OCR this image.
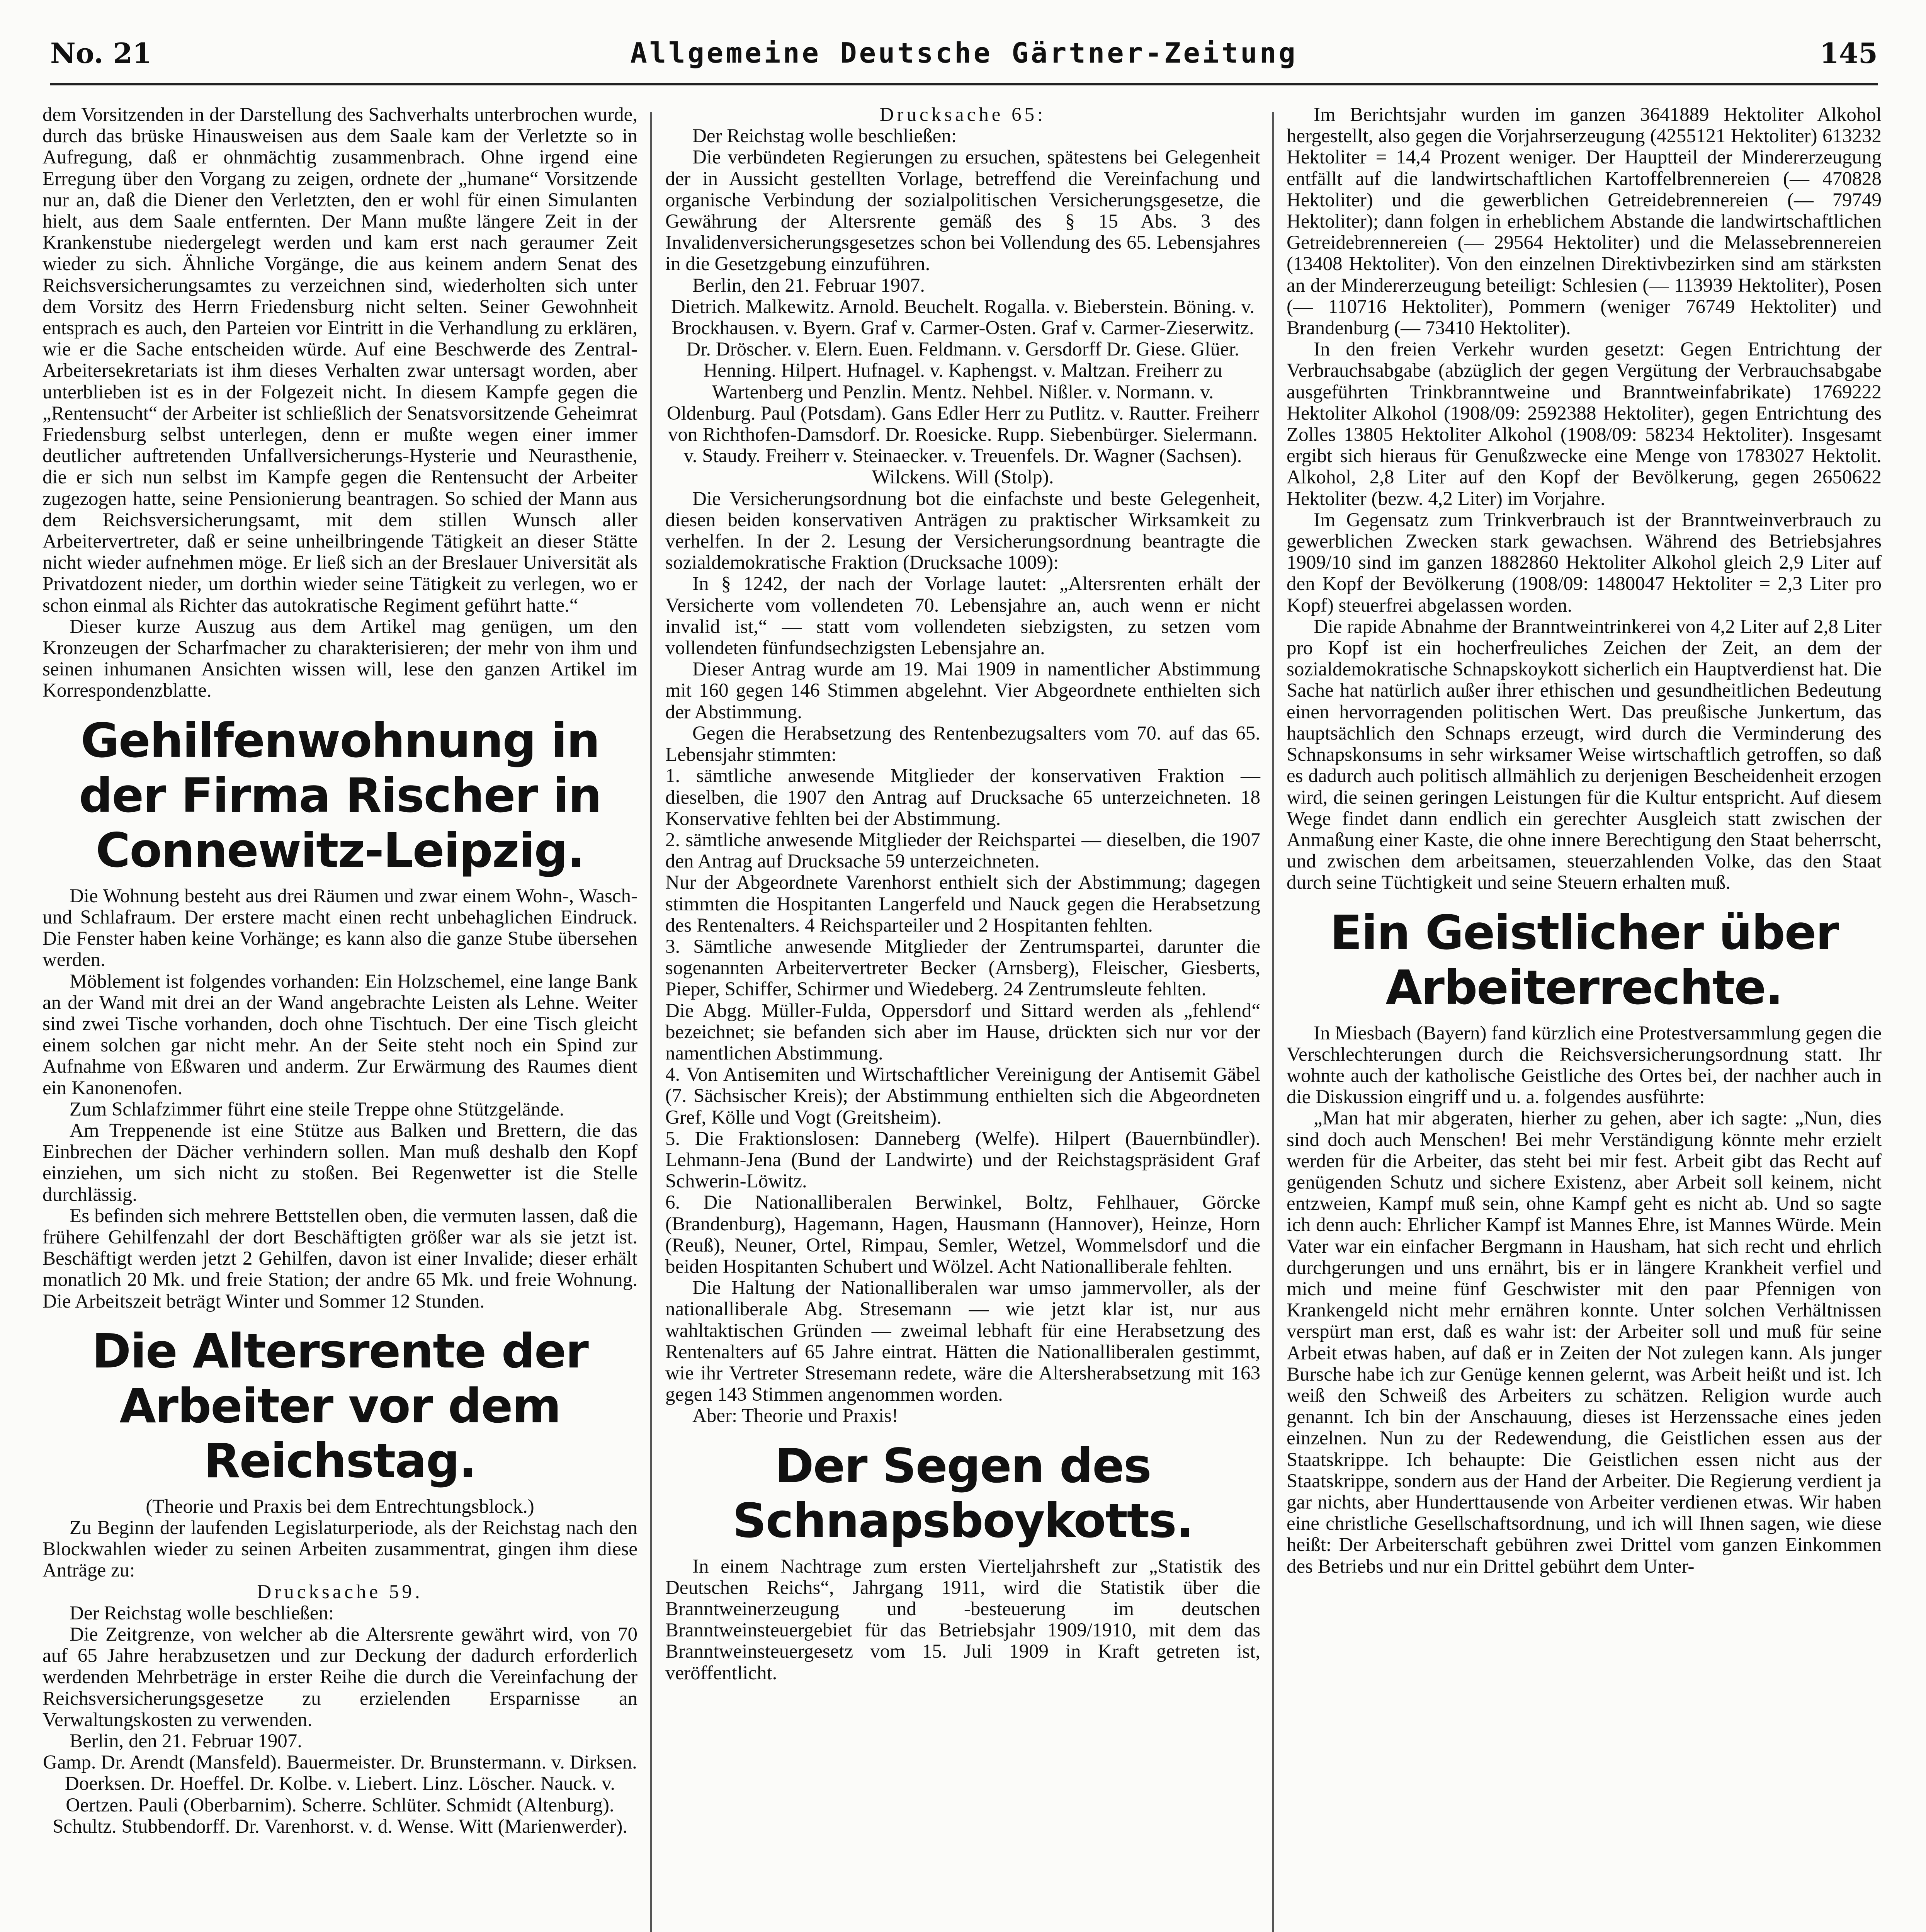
No. 21	Allgemeine Deutsche Gärtner-Zeitung	145

dem Vorsitzenden in der Darstellung des Sachverhalts unterbrochen wurde, durch das brüske Hinausweisen aus dem Saale kam der Verletzte so in Aufregung, daß er ohnmächtig zusammenbrach. Ohne irgend eine Erregung über den Vorgang zu zeigen, ordnete der „humane“ Vorsitzende nur an, daß die Diener den Verletzten, den er wohl für einen Simulanten hielt, aus dem Saale entfernten. Der Mann mußte längere Zeit in der Krankenstube niedergelegt werden und kam erst nach geraumer Zeit wieder zu sich. Ähnliche Vorgänge, die aus keinem andern Senat des Reichsversicherungsamtes zu verzeichnen sind, wiederholten sich unter dem Vorsitz des Herrn Friedensburg nicht selten. Seiner Gewohnheit entsprach es auch, den Parteien vor Eintritt in die Verhandlung zu erklären, wie er die Sache entscheiden würde. Auf eine Beschwerde des Zentral-Arbeitersekretariats ist ihm dieses Verhalten zwar untersagt worden, aber unterblieben ist es in der Folgezeit nicht. In diesem Kampfe gegen die „Rentensucht“ der Arbeiter ist schließlich der Senatsvorsitzende Geheimrat Friedensburg selbst unterlegen, denn er mußte wegen einer immer deutlicher auftretenden Unfallversicherungs-Hysterie und Neurasthenie, die er sich nun selbst im Kampfe gegen die Rentensucht der Arbeiter zugezogen hatte, seine Pensionierung beantragen. So schied der Mann aus dem Reichsversicherungsamt, mit dem stillen Wunsch aller Arbeitervertreter, daß er seine unheilbringende Tätigkeit an dieser Stätte nicht wieder aufnehmen möge. Er ließ sich an der Breslauer Universität als Privatdozent nieder, um dorthin wieder seine Tätigkeit zu verlegen, wo er schon einmal als Richter das autokratische Regiment geführt hatte.“

Dieser kurze Auszug aus dem Artikel mag genügen, um den Kronzeugen der Scharfmacher zu charakterisieren; der mehr von ihm und seinen inhumanen Ansichten wissen will, lese den ganzen Artikel im Korrespondenzblatte.

Gehilfenwohnung in der Firma Rischer in Connewitz-Leipzig.

Die Wohnung besteht aus drei Räumen und zwar einem Wohn-, Wasch- und Schlafraum. Der erstere macht einen recht unbehaglichen Eindruck. Die Fenster haben keine Vorhänge; es kann also die ganze Stube übersehen werden.

Möblement ist folgendes vorhanden: Ein Holzschemel, eine lange Bank an der Wand mit drei an der Wand angebrachte Leisten als Lehne. Weiter sind zwei Tische vorhanden, doch ohne Tischtuch. Der eine Tisch gleicht einem solchen gar nicht mehr. An der Seite steht noch ein Spind zur Aufnahme von Eßwaren und anderm. Zur Erwärmung des Raumes dient ein Kanonenofen.

Zum Schlafzimmer führt eine steile Treppe ohne Stützgelände.

Am Treppenende ist eine Stütze aus Balken und Brettern, die das Einbrechen der Dächer verhindern sollen. Man muß deshalb den Kopf einziehen, um sich nicht zu stoßen. Bei Regenwetter ist die Stelle durchlässig.

Es befinden sich mehrere Bettstellen oben, die vermuten lassen, daß die frühere Gehilfenzahl der dort Beschäftigten größer war als sie jetzt ist. Beschäftigt werden jetzt 2 Gehilfen, davon ist einer Invalide; dieser erhält monatlich 20 Mk. und freie Station; der andre 65 Mk. und freie Wohnung. Die Arbeitszeit beträgt Winter und Sommer 12 Stunden.

Die Altersrente der Arbeiter vor dem Reichstag.

(Theorie und Praxis bei dem Entrechtungsblock.)

Zu Beginn der laufenden Legislaturperiode, als der Reichstag nach den Blockwahlen wieder zu seinen Arbeiten zusammentrat, gingen ihm diese Anträge zu:

Drucksache 59.

Der Reichstag wolle beschließen:

Die Zeitgrenze, von welcher ab die Altersrente gewährt wird, von 70 auf 65 Jahre herabzusetzen und zur Deckung der dadurch erforderlich werdenden Mehrbeträge in erster Reihe die durch die Vereinfachung der Reichsversicherungsgesetze zu erzielenden Ersparnisse an Verwaltungskosten zu verwenden.

Berlin, den 21. Februar 1907.

Gamp. Dr. Arendt (Mansfeld). Bauermeister. Dr. Brunstermann. v. Dirksen. Doerksen. Dr. Hoeffel. Dr. Kolbe. v. Liebert. Linz. Löscher. Nauck. v. Oertzen. Pauli (Oberbarnim). Scherre. Schlüter. Schmidt (Altenburg). Schultz. Stubbendorff. Dr. Varenhorst. v. d. Wense. Witt (Marienwerder).

Drucksache 65:

Der Reichstag wolle beschließen:

Die verbündeten Regierungen zu ersuchen, spätestens bei Gelegenheit der in Aussicht gestellten Vorlage, betreffend die Vereinfachung und organische Verbindung der sozialpolitischen Versicherungsgesetze, die Gewährung der Altersrente gemäß des § 15 Abs. 3 des Invalidenversicherungsgesetzes schon bei Vollendung des 65. Lebensjahres in die Gesetzgebung einzuführen.

Berlin, den 21. Februar 1907.

Dietrich. Malkewitz. Arnold. Beuchelt. Rogalla. v. Bieberstein. Böning. v. Brockhausen. v. Byern. Graf v. Carmer-Osten. Graf v. Carmer-Zieserwitz. Dr. Dröscher. v. Elern. Euen. Feldmann. v. Gersdorff Dr. Giese. Glüer. Henning. Hilpert. Hufnagel. v. Kaphengst. v. Maltzan. Freiherr zu Wartenberg und Penzlin. Mentz. Nehbel. Nißler. v. Normann. v. Oldenburg. Paul (Potsdam). Gans Edler Herr zu Putlitz. v. Rautter. Freiherr von Richthofen-Damsdorf. Dr. Roesicke. Rupp. Siebenbürger. Sielermann. v. Staudy. Freiherr v. Steinaecker. v. Treuenfels. Dr. Wagner (Sachsen). Wilckens. Will (Stolp).

Die Versicherungsordnung bot die einfachste und beste Gelegenheit, diesen beiden konservativen Anträgen zu praktischer Wirksamkeit zu verhelfen. In der 2. Lesung der Versicherungsordnung beantragte die sozialdemokratische Fraktion (Drucksache 1009):

In § 1242, der nach der Vorlage lautet: „Altersrenten erhält der Versicherte vom vollendeten 70. Lebensjahre an, auch wenn er nicht invalid ist,“ — statt vom vollendeten siebzigsten, zu setzen vom vollendeten fünfundsechzigsten Lebensjahre an.

Dieser Antrag wurde am 19. Mai 1909 in namentlicher Abstimmung mit 160 gegen 146 Stimmen abgelehnt. Vier Abgeordnete enthielten sich der Abstimmung.

Gegen die Herabsetzung des Rentenbezugsalters vom 70. auf das 65. Lebensjahr stimmten:

1. sämtliche anwesende Mitglieder der konservativen Fraktion — dieselben, die 1907 den Antrag auf Drucksache 65 unterzeichneten. 18 Konservative fehlten bei der Abstimmung.

2. sämtliche anwesende Mitglieder der Reichspartei — dieselben, die 1907 den Antrag auf Drucksache 59 unterzeichneten.

Nur der Abgeordnete Varenhorst enthielt sich der Abstimmung; dagegen stimmten die Hospitanten Langerfeld und Nauck gegen die Herabsetzung des Rentenalters. 4 Reichsparteiler und 2 Hospitanten fehlten.

3. Sämtliche anwesende Mitglieder der Zentrumspartei, darunter die sogenannten Arbeitervertreter Becker (Arnsberg), Fleischer, Giesberts, Pieper, Schiffer, Schirmer und Wiedeberg. 24 Zentrumsleute fehlten.

Die Abgg. Müller-Fulda, Oppersdorf und Sittard werden als „fehlend“ bezeichnet; sie befanden sich aber im Hause, drückten sich nur vor der namentlichen Abstimmung.

4. Von Antisemiten und Wirtschaftlicher Vereinigung der Antisemit Gäbel (7. Sächsischer Kreis); der Abstimmung enthielten sich die Abgeordneten Gref, Kölle und Vogt (Greitsheim).

5. Die Fraktionslosen: Danneberg (Welfe). Hilpert (Bauernbündler). Lehmann-Jena (Bund der Landwirte) und der Reichstagspräsident Graf Schwerin-Löwitz.

6. Die Nationalliberalen Berwinkel, Boltz, Fehlhauer, Görcke (Brandenburg), Hagemann, Hagen, Hausmann (Hannover), Heinze, Horn (Reuß), Neuner, Ortel, Rimpau, Semler, Wetzel, Wommelsdorf und die beiden Hospitanten Schubert und Wölzel. Acht Nationalliberale fehlten.

Die Haltung der Nationalliberalen war umso jammervoller, als der nationalliberale Abg. Stresemann — wie jetzt klar ist, nur aus wahltaktischen Gründen — zweimal lebhaft für eine Herabsetzung des Rentenalters auf 65 Jahre eintrat. Hätten die Nationalliberalen gestimmt, wie ihr Vertreter Stresemann redete, wäre die Altersherabsetzung mit 163 gegen 143 Stimmen angenommen worden.

Aber: Theorie und Praxis!

Der Segen des Schnapsboykotts.

In einem Nachtrage zum ersten Vierteljahrsheft zur „Statistik des Deutschen Reichs“, Jahrgang 1911, wird die Statistik über die Branntweinerzeugung und -besteuerung im deutschen Branntweinsteuergebiet für das Betriebsjahr 1909/1910, mit dem das Branntweinsteuergesetz vom 15. Juli 1909 in Kraft getreten ist, veröffentlicht.

Im Berichtsjahr wurden im ganzen 3641889 Hektoliter Alkohol hergestellt, also gegen die Vorjahrserzeugung (4255121 Hektoliter) 613232 Hektoliter = 14,4 Prozent weniger. Der Hauptteil der Mindererzeugung entfällt auf die landwirtschaftlichen Kartoffelbrennereien (— 470828 Hektoliter) und die gewerblichen Getreidebrennereien (— 79749 Hektoliter); dann folgen in erheblichem Abstande die landwirtschaftlichen Getreidebrennereien (— 29564 Hektoliter) und die Melassebrennereien (13408 Hektoliter). Von den einzelnen Direktivbezirken sind am stärksten an der Mindererzeugung beteiligt: Schlesien (— 113939 Hektoliter), Posen (— 110716 Hektoliter), Pommern (weniger 76749 Hektoliter) und Brandenburg (— 73410 Hektoliter).

In den freien Verkehr wurden gesetzt: Gegen Entrichtung der Verbrauchsabgabe (abzüglich der gegen Vergütung der Verbrauchsabgabe ausgeführten Trinkbranntweine und Branntweinfabrikate) 1769222 Hektoliter Alkohol (1908/09: 2592388 Hektoliter), gegen Entrichtung des Zolles 13805 Hektoliter Alkohol (1908/09: 58234 Hektoliter). Insgesamt ergibt sich hieraus für Genußzwecke eine Menge von 1783027 Hektolit. Alkohol, 2,8 Liter auf den Kopf der Bevölkerung, gegen 2650622 Hektoliter (bezw. 4,2 Liter) im Vorjahre.

Im Gegensatz zum Trinkverbrauch ist der Branntweinverbrauch zu gewerblichen Zwecken stark gewachsen. Während des Betriebsjahres 1909/10 sind im ganzen 1882860 Hektoliter Alkohol gleich 2,9 Liter auf den Kopf der Bevölkerung (1908/09: 1480047 Hektoliter = 2,3 Liter pro Kopf) steuerfrei abgelassen worden.

Die rapide Abnahme der Branntweintrinkerei von 4,2 Liter auf 2,8 Liter pro Kopf ist ein hocherfreuliches Zeichen der Zeit, an dem der sozialdemokratische Schnapskoykott sicherlich ein Hauptverdienst hat. Die Sache hat natürlich außer ihrer ethischen und gesundheitlichen Bedeutung einen hervorragenden politischen Wert. Das preußische Junkertum, das hauptsächlich den Schnaps erzeugt, wird durch die Verminderung des Schnapskonsums in sehr wirksamer Weise wirtschaftlich getroffen, so daß es dadurch auch politisch allmählich zu derjenigen Bescheidenheit erzogen wird, die seinen geringen Leistungen für die Kultur entspricht. Auf diesem Wege findet dann endlich ein gerechter Ausgleich statt zwischen der Anmaßung einer Kaste, die ohne innere Berechtigung den Staat beherrscht, und zwischen dem arbeitsamen, steuerzahlenden Volke, das den Staat durch seine Tüchtigkeit und seine Steuern erhalten muß.

Ein Geistlicher über Arbeiterrechte.

In Miesbach (Bayern) fand kürzlich eine Protestversammlung gegen die Verschlechterungen durch die Reichsversicherungsordnung statt. Ihr wohnte auch der katholische Geistliche des Ortes bei, der nachher auch in die Diskussion eingriff und u. a. folgendes ausführte:

„Man hat mir abgeraten, hierher zu gehen, aber ich sagte: „Nun, dies sind doch auch Menschen! Bei mehr Verständigung könnte mehr erzielt werden für die Arbeiter, das steht bei mir fest. Arbeit gibt das Recht auf genügenden Schutz und sichere Existenz, aber Arbeit soll keinem, nicht entzweien, Kampf muß sein, ohne Kampf geht es nicht ab. Und so sagte ich denn auch: Ehrlicher Kampf ist Mannes Ehre, ist Mannes Würde. Mein Vater war ein einfacher Bergmann in Hausham, hat sich recht und ehrlich durchgerungen und uns ernährt, bis er in längere Krankheit verfiel und mich und meine fünf Geschwister mit den paar Pfennigen von Krankengeld nicht mehr ernähren konnte. Unter solchen Verhältnissen verspürt man erst, daß es wahr ist: der Arbeiter soll und muß für seine Arbeit etwas haben, auf daß er in Zeiten der Not zulegen kann. Als junger Bursche habe ich zur Genüge kennen gelernt, was Arbeit heißt und ist. Ich weiß den Schweiß des Arbeiters zu schätzen. Religion wurde auch genannt. Ich bin der Anschauung, dieses ist Herzenssache eines jeden einzelnen. Nun zu der Redewendung, die Geistlichen essen aus der Staatskrippe. Ich behaupte: Die Geistlichen essen nicht aus der Staatskrippe, sondern aus der Hand der Arbeiter. Die Regierung verdient ja gar nichts, aber Hunderttausende von Arbeiter verdienen etwas. Wir haben eine christliche Gesellschaftsordnung, und ich will Ihnen sagen, wie diese heißt: Der Arbeiterschaft gebühren zwei Drittel vom ganzen Einkommen des Betriebs und nur ein Drittel gebührt dem Unter-
